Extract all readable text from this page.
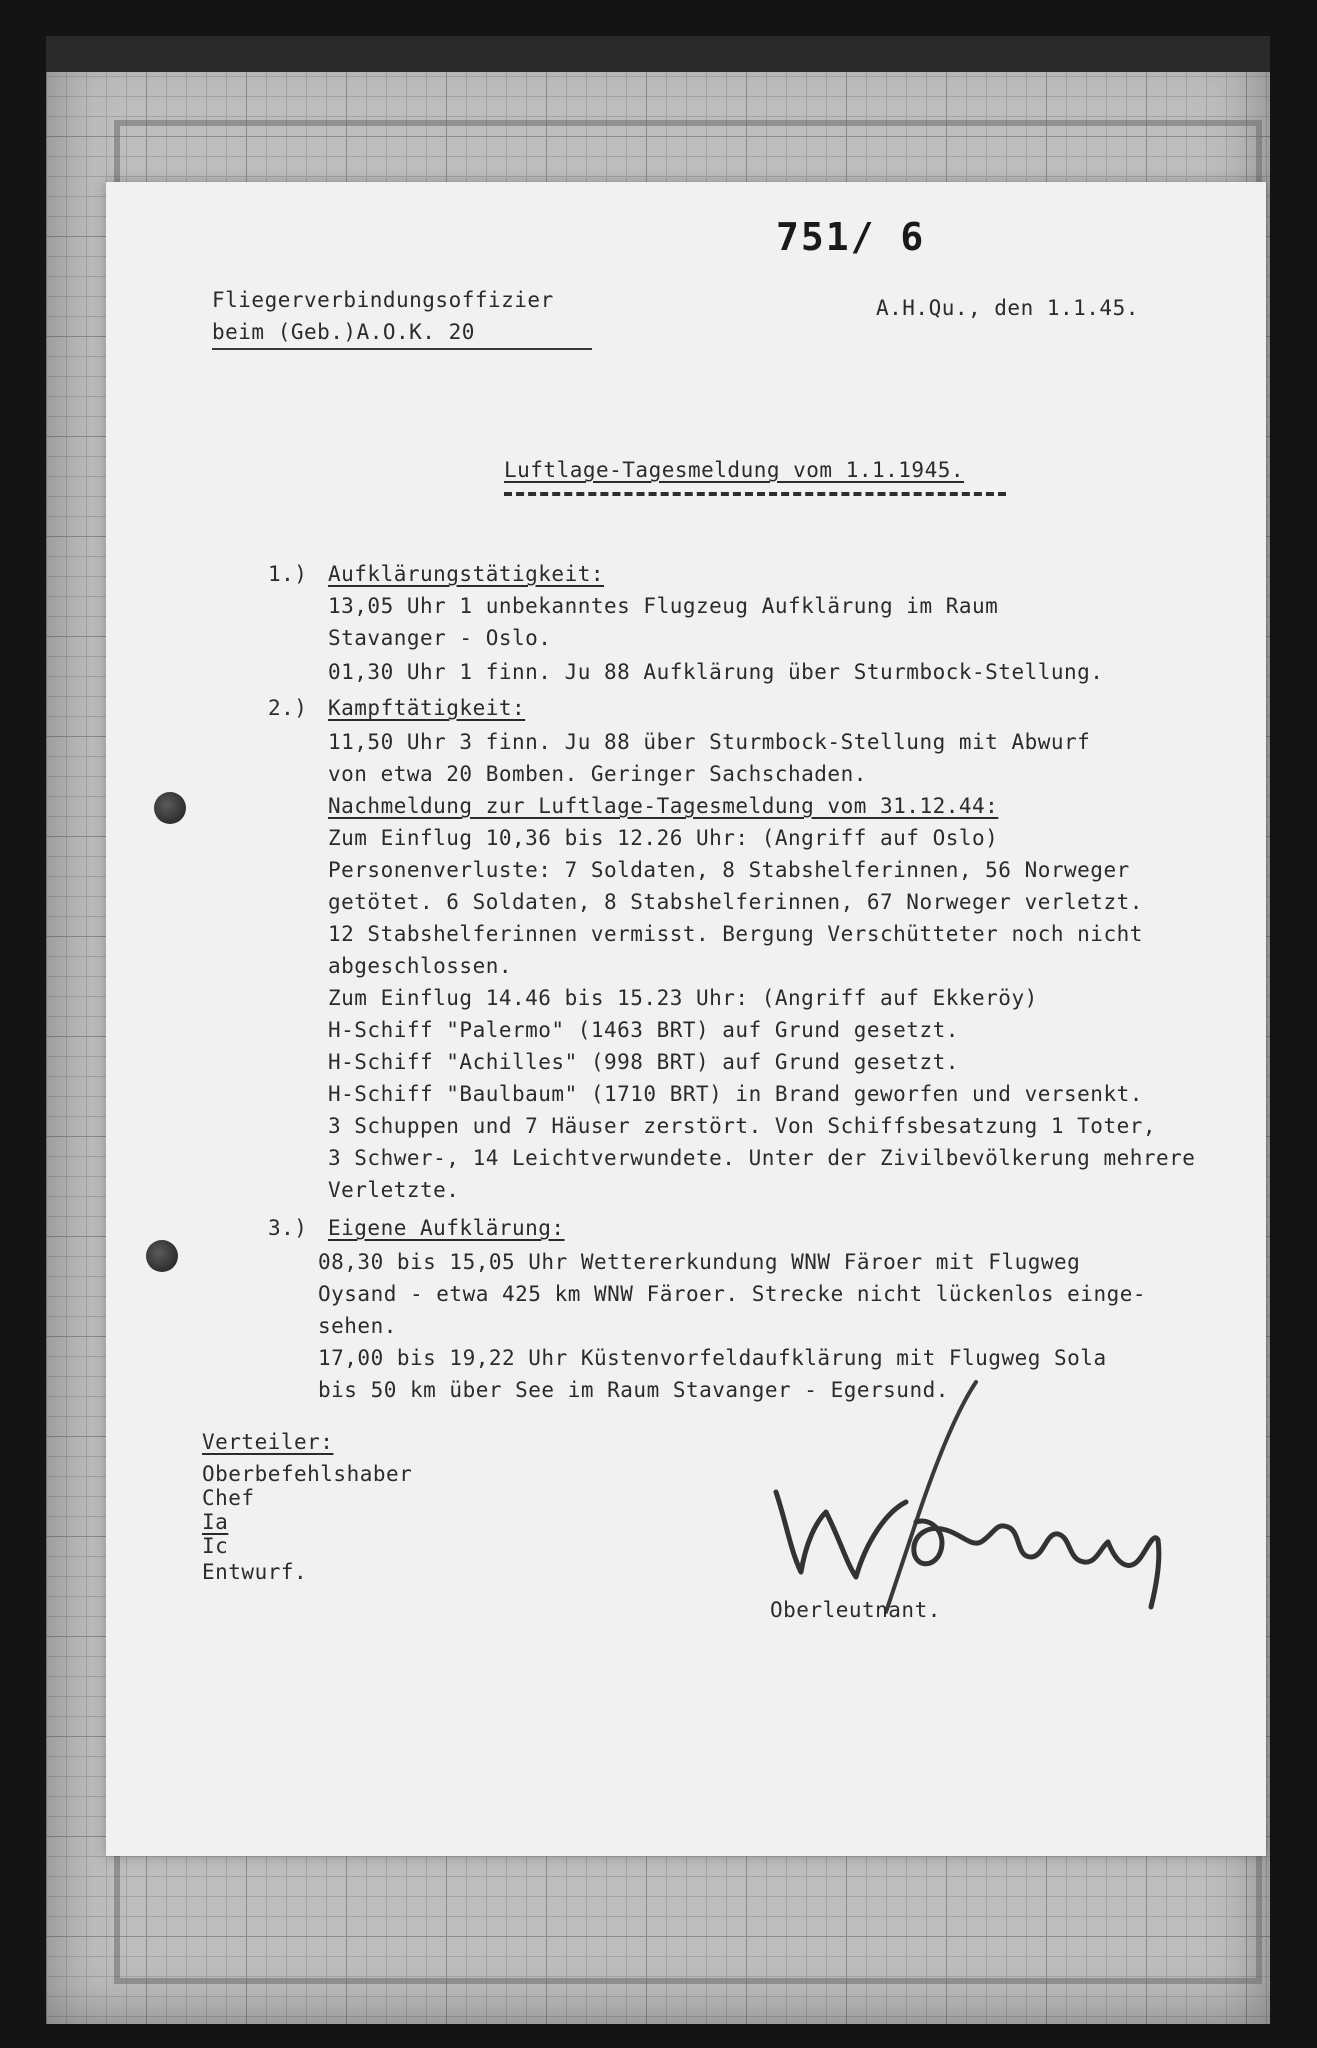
751/ 6
Fliegerverbindungsoffizier
beim (Geb.)A.O.K. 20
A.H.Qu., den 1.1.45.
Luftlage-Tagesmeldung vom 1.1.1945.
1.) Aufklärungstätigkeit:
13,05 Uhr 1 unbekanntes Flugzeug Aufklärung im Raum
Stavanger - Oslo.
01,30 Uhr 1 finn. Ju 88 Aufklärung über Sturmbock-Stellung.
2.) Kampftätigkeit:
11,50 Uhr 3 finn. Ju 88 über Sturmbock-Stellung mit Abwurf
von etwa 20 Bomben. Geringer Sachschaden.
Nachmeldung zur Luftlage-Tagesmeldung vom 31.12.44:
Zum Einflug 10,36 bis 12.26 Uhr: (Angriff auf Oslo)
Personenverluste: 7 Soldaten, 8 Stabshelferinnen, 56 Norweger
getötet. 6 Soldaten, 8 Stabshelferinnen, 67 Norweger verletzt.
12 Stabshelferinnen vermisst. Bergung Verschütteter noch nicht
abgeschlossen.
Zum Einflug 14.46 bis 15.23 Uhr: (Angriff auf Ekkeröy)
H-Schiff "Palermo" (1463 BRT) auf Grund gesetzt.
H-Schiff "Achilles" (998 BRT) auf Grund gesetzt.
H-Schiff "Baulbaum" (1710 BRT) in Brand geworfen und versenkt.
3 Schuppen und 7 Häuser zerstört. Von Schiffsbesatzung 1 Toter,
3 Schwer-, 14 Leichtverwundete. Unter der Zivilbevölkerung mehrere
Verletzte.
3.) Eigene Aufklärung:
08,30 bis 15,05 Uhr Wettererkundung WNW Färoer mit Flugweg
Oysand - etwa 425 km WNW Färoer. Strecke nicht lückenlos einge-
sehen.
17,00 bis 19,22 Uhr Küstenvorfeldaufklärung mit Flugweg Sola
bis 50 km über See im Raum Stavanger - Egersund.
Verteiler:
Oberbefehlshaber
Chef
Ia
Ic
Entwurf.
Oberleutnant.
